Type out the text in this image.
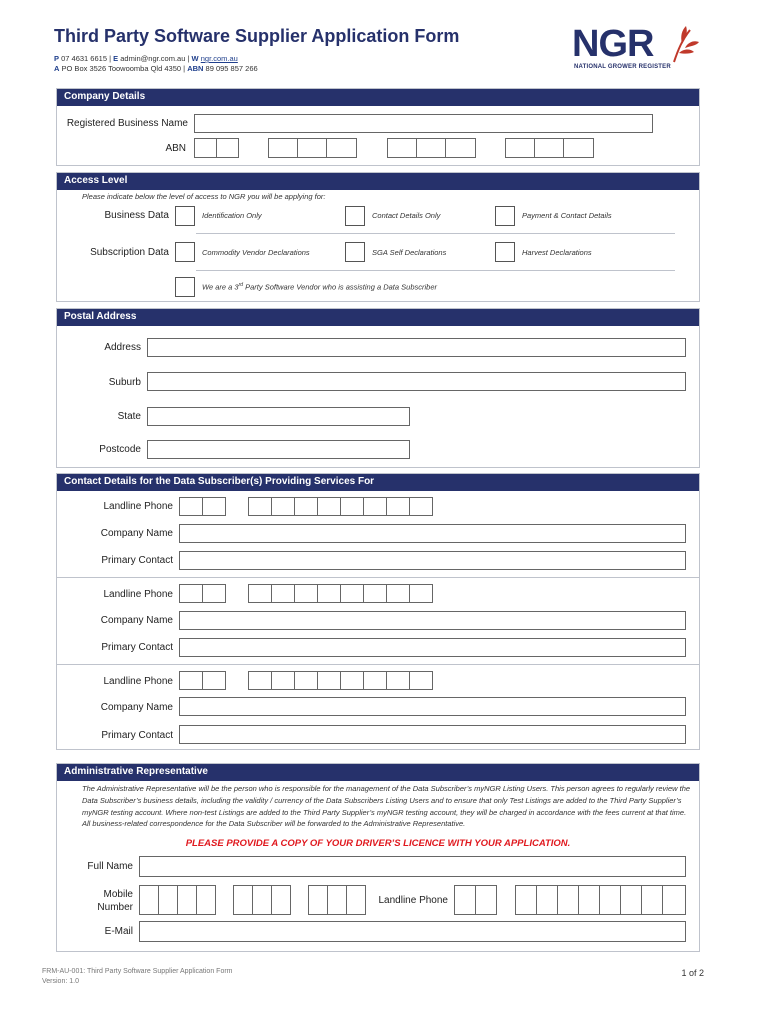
Third Party Software Supplier Application Form
P 07 4631 6615 | E admin@ngr.com.au | W ngr.com.au
A PO Box 3526 Toowoomba Qld 4350 | ABN 89 095 857 266
NGR
NATIONAL GROWER REGISTER
Company Details
Registered Business Name
ABN
Access Level
Please indicate below the level of access to NGR you will be applying for:
Business Data	Identification Only	Contact Details Only	Payment & Contact Details
Subscription Data	Commodity Vendor Declarations	SGA Self Declarations	Harvest Declarations
We are a 3rd Party Software Vendor who is assisting a Data Subscriber
Postal Address
Address
Suburb
State
Postcode
Contact Details for the Data Subscriber(s) Providing Services For
Landline Phone
Company Name
Primary Contact
Landline Phone
Company Name
Primary Contact
Landline Phone
Company Name
Primary Contact
Administrative Representative
The Administrative Representative will be the person who is responsible for the management of the Data Subscriber’s myNGR Listing Users. This person agrees to regularly review the Data Subscriber’s business details, including the validity / currency of the Data Subscribers Listing Users and to ensure that only Test Listings are added to the Third Party Supplier’s myNGR testing account. Where non-test Listings are added to the Third Party Supplier’s myNGR testing account, they will be charged in accordance with the fees current at that time. All business-related correspondence for the Data Subscriber will be forwarded to the Administrative Representative.
PLEASE PROVIDE A COPY OF YOUR DRIVER’S LICENCE WITH YOUR APPLICATION.
Full Name
Mobile
Number
Landline Phone
E-Mail
FRM-AU-001: Third Party Software Supplier Application Form
Version: 1.0
1 of 2
